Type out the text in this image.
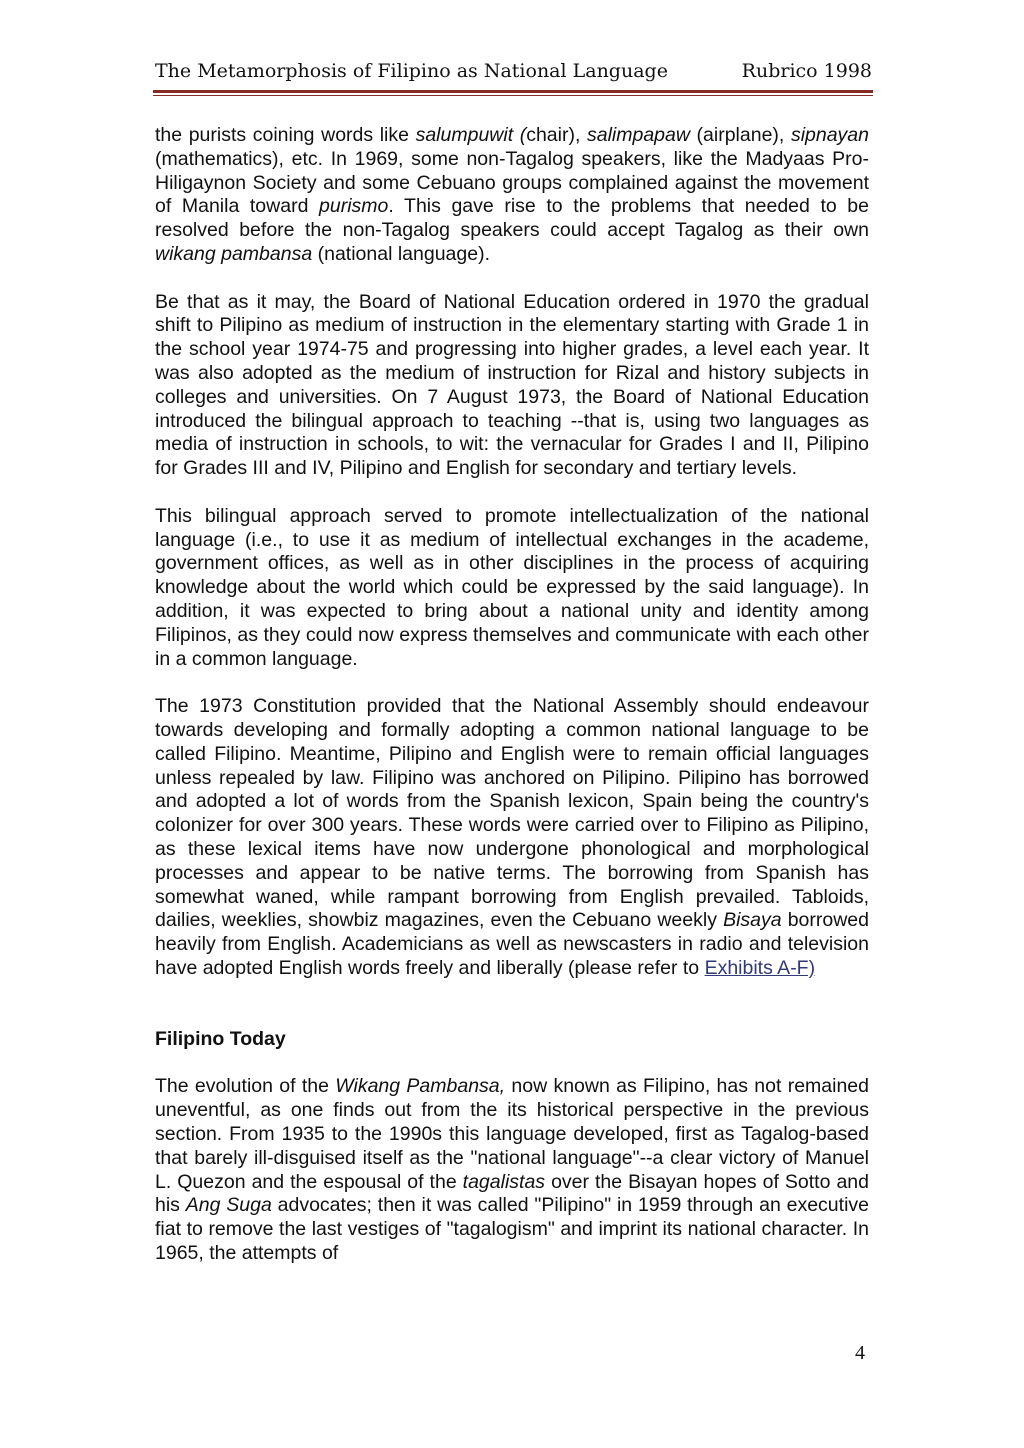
The Metamorphosis of Filipino as National Language	Rubrico 1998

the purists coining words like salumpuwit (chair), salimpapaw (airplane), sipnayan (mathematics), etc. In 1969, some non-Tagalog speakers, like the Madyaas Pro-Hiligaynon Society and some Cebuano groups complained against the movement of Manila toward purismo. This gave rise to the problems that needed to be resolved before the non-Tagalog speakers could accept Tagalog as their own wikang pambansa (national language).

Be that as it may, the Board of National Education ordered in 1970 the gradual shift to Pilipino as medium of instruction in the elementary starting with Grade 1 in the school year 1974-75 and progressing into higher grades, a level each year. It was also adopted as the medium of instruction for Rizal and history subjects in colleges and universities. On 7 August 1973, the Board of National Education introduced the bilingual approach to teaching --that is, using two languages as media of instruction in schools, to wit: the vernacular for Grades I and II, Pilipino for Grades III and IV, Pilipino and English for secondary and tertiary levels.

This bilingual approach served to promote intellectualization of the national language (i.e., to use it as medium of intellectual exchanges in the academe, government offices, as well as in other disciplines in the process of acquiring knowledge about the world which could be expressed by the said language). In addition, it was expected to bring about a national unity and identity among Filipinos, as they could now express themselves and communicate with each other in a common language.

The 1973 Constitution provided that the National Assembly should endeavour towards developing and formally adopting a common national language to be called Filipino. Meantime, Pilipino and English were to remain official languages unless repealed by law. Filipino was anchored on Pilipino. Pilipino has borrowed and adopted a lot of words from the Spanish lexicon, Spain being the country's colonizer for over 300 years. These words were carried over to Filipino as Pilipino, as these lexical items have now undergone phonological and morphological processes and appear to be native terms. The borrowing from Spanish has somewhat waned, while rampant borrowing from English prevailed. Tabloids, dailies, weeklies, showbiz magazines, even the Cebuano weekly Bisaya borrowed heavily from English. Academicians as well as newscasters in radio and television have adopted English words freely and liberally (please refer to Exhibits A-F)

Filipino Today

The evolution of the Wikang Pambansa, now known as Filipino, has not remained uneventful, as one finds out from the its historical perspective in the previous section. From 1935 to the 1990s this language developed, first as Tagalog-based that barely ill-disguised itself as the "national language"--a clear victory of Manuel L. Quezon and the espousal of the tagalistas over the Bisayan hopes of Sotto and his Ang Suga advocates; then it was called "Pilipino" in 1959 through an executive fiat to remove the last vestiges of "tagalogism" and imprint its national character. In 1965, the attempts of

4
